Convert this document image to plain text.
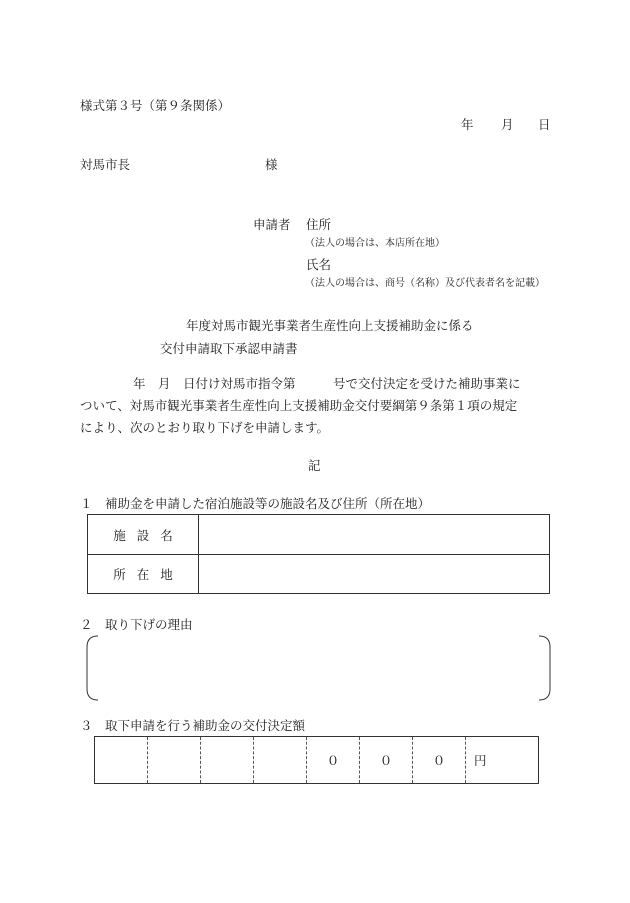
様式第３号（第９条関係）
年 月 日
対馬市長	様
申請者 住所
（法人の場合は、本店所在地）
氏名
（法人の場合は、商号（名称）及び代表者名を記載）
年度対馬市観光事業者生産性向上支援補助金に係る
交付申請取下承認申請書
年　月　日付け対馬市指令第　　　号で交付決定を受けた補助事業に
ついて、対馬市観光事業者生産性向上支援補助金交付要綱第９条第１項の規定
により、次のとおり取り下げを申請します。
記
１　補助金を申請した宿泊施設等の施設名及び住所（所在地）
施設名
所在地
２　取り下げの理由
３　取下申請を行う補助金の交付決定額
０	０	０	円
